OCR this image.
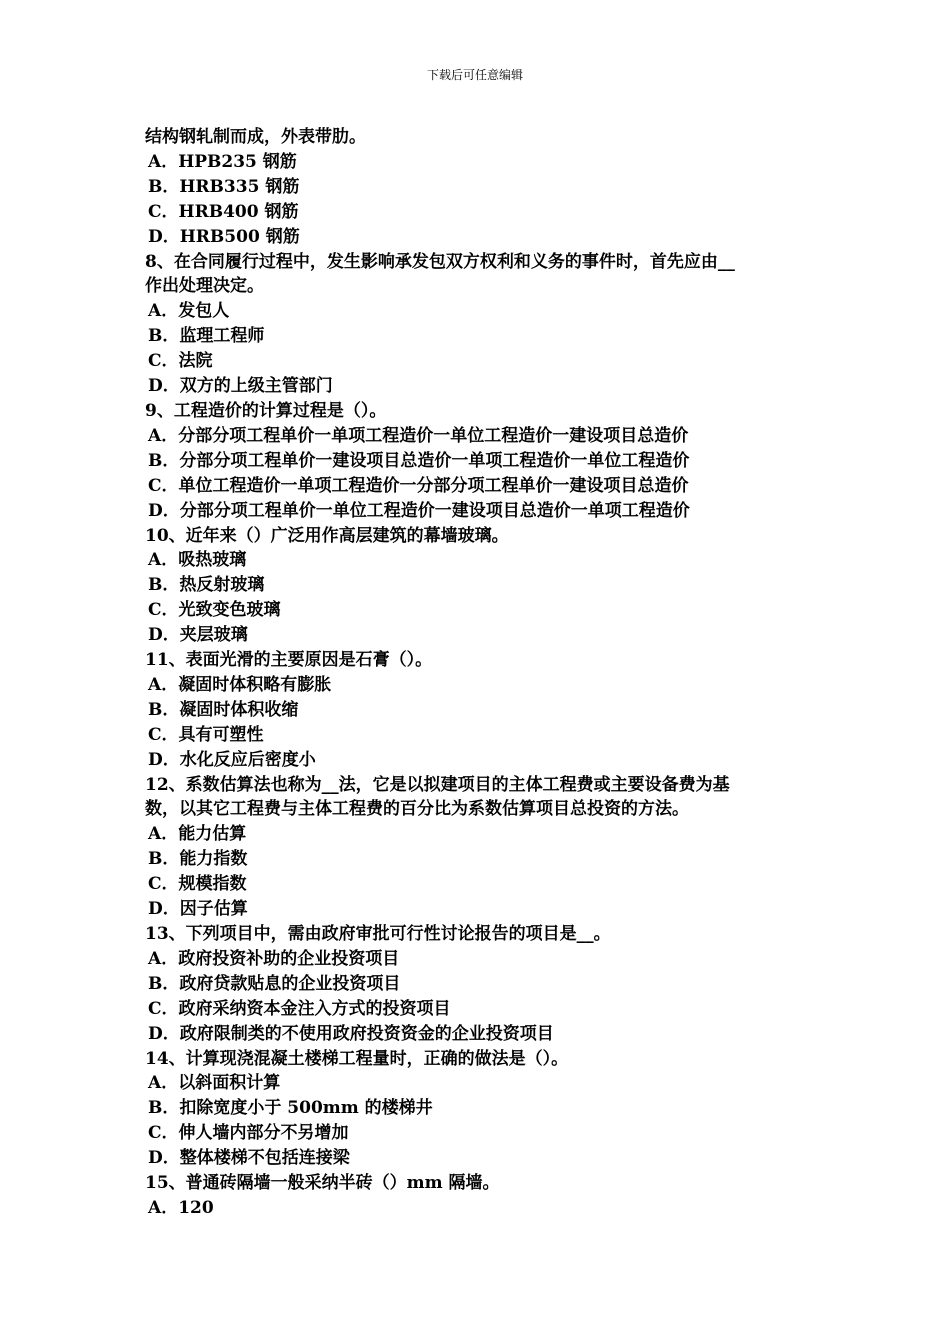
下载后可任意编辑
结构钢轧制而成，外表带肋。
A．HPB235 钢筋
B．HRB335 钢筋
C．HRB400 钢筋
D．HRB500 钢筋
8、在合同履行过程中，发生影响承发包双方权利和义务的事件时，首先应由__
作出处理决定。
A．发包人
B．监理工程师
C．法院
D．双方的上级主管部门
9、工程造价的计算过程是（）。
A．分部分项工程单价一单项工程造价一单位工程造价一建设项目总造价
B．分部分项工程单价一建设项目总造价一单项工程造价一单位工程造价
C．单位工程造价一单项工程造价一分部分项工程单价一建设项目总造价
D．分部分项工程单价一单位工程造价一建设项目总造价一单项工程造价
10、近年来（）广泛用作高层建筑的幕墙玻璃。
A．吸热玻璃
B．热反射玻璃
C．光致变色玻璃
D．夹层玻璃
11、表面光滑的主要原因是石膏（）。
A．凝固时体积略有膨胀
B．凝固时体积收缩
C．具有可塑性
D．水化反应后密度小
12、系数估算法也称为__法，它是以拟建项目的主体工程费或主要设备费为基
数，以其它工程费与主体工程费的百分比为系数估算项目总投资的方法。
A．能力估算
B．能力指数
C．规模指数
D．因子估算
13、下列项目中，需由政府审批可行性讨论报告的项目是__。
A．政府投资补助的企业投资项目
B．政府贷款贴息的企业投资项目
C．政府采纳资本金注入方式的投资项目
D．政府限制类的不使用政府投资资金的企业投资项目
14、计算现浇混凝土楼梯工程量时，正确的做法是（）。
A．以斜面积计算
B．扣除宽度小于 500mm 的楼梯井
C．伸人墙内部分不另增加
D．整体楼梯不包括连接梁
15、普通砖隔墙一般采纳半砖（）mm 隔墙。
A．120
